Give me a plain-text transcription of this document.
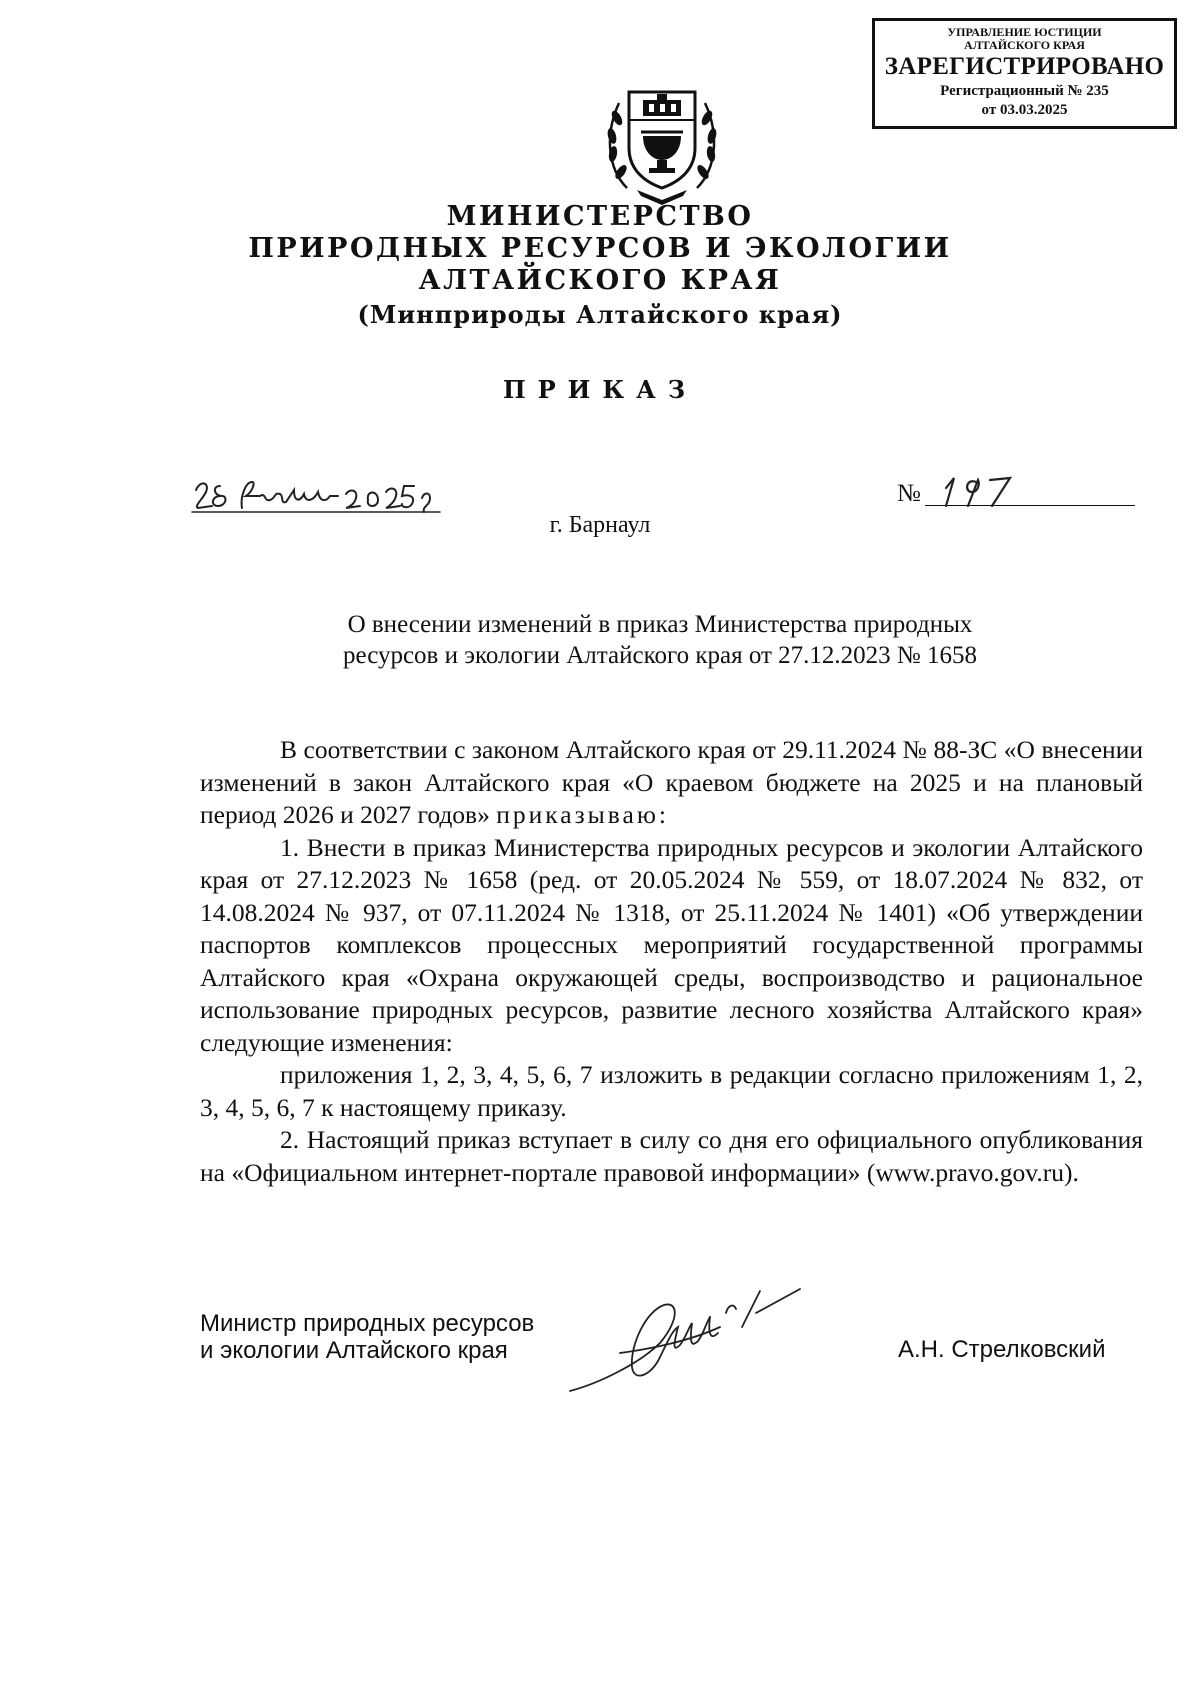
УПРАВЛЕНИЕ ЮСТИЦИИ
АЛТАЙСКОГО КРАЯ
ЗАРЕГИСТРИРОВАНО
Регистрационный № 235
от 03.03.2025
МИНИСТЕРСТВО
ПРИРОДНЫХ РЕСУРСОВ И ЭКОЛОГИИ
АЛТАЙСКОГО КРАЯ
(Минприроды Алтайского края)
ПРИКАЗ
№
г. Барнаул
О внесении изменений в приказ Министерства природных
ресурсов и экологии Алтайского края от 27.12.2023 № 1658

В соответствии с законом Алтайского края от 29.11.2024 № 88-ЗС «О внесении изменений в закон Алтайского края «О краевом бюджете на 2025 и на плановый период 2026 и 2027 годов» приказываю:

1. Внести в приказ Министерства природных ресурсов и экологии Алтайского края от 27.12.2023 № 1658 (ред. от 20.05.2024 № 559, от 18.07.2024 № 832, от 14.08.2024 № 937, от 07.11.2024 № 1318, от 25.11.2024 № 1401) «Об утверждении паспортов комплексов процессных мероприятий государственной программы Алтайского края «Охрана окружающей среды, воспроизводство и рациональное использование природных ресурсов, развитие лесного хозяйства Алтайского края» следующие изменения:

приложения 1, 2, 3, 4, 5, 6, 7 изложить в редакции согласно приложениям 1, 2, 3, 4, 5, 6, 7 к настоящему приказу.

2. Настоящий приказ вступает в силу со дня его официального опубликования на «Официальном интернет-портале правовой информации» (www.pravo.gov.ru).

Министр природных ресурсов
и экологии Алтайского края	А.Н. Стрелковский
